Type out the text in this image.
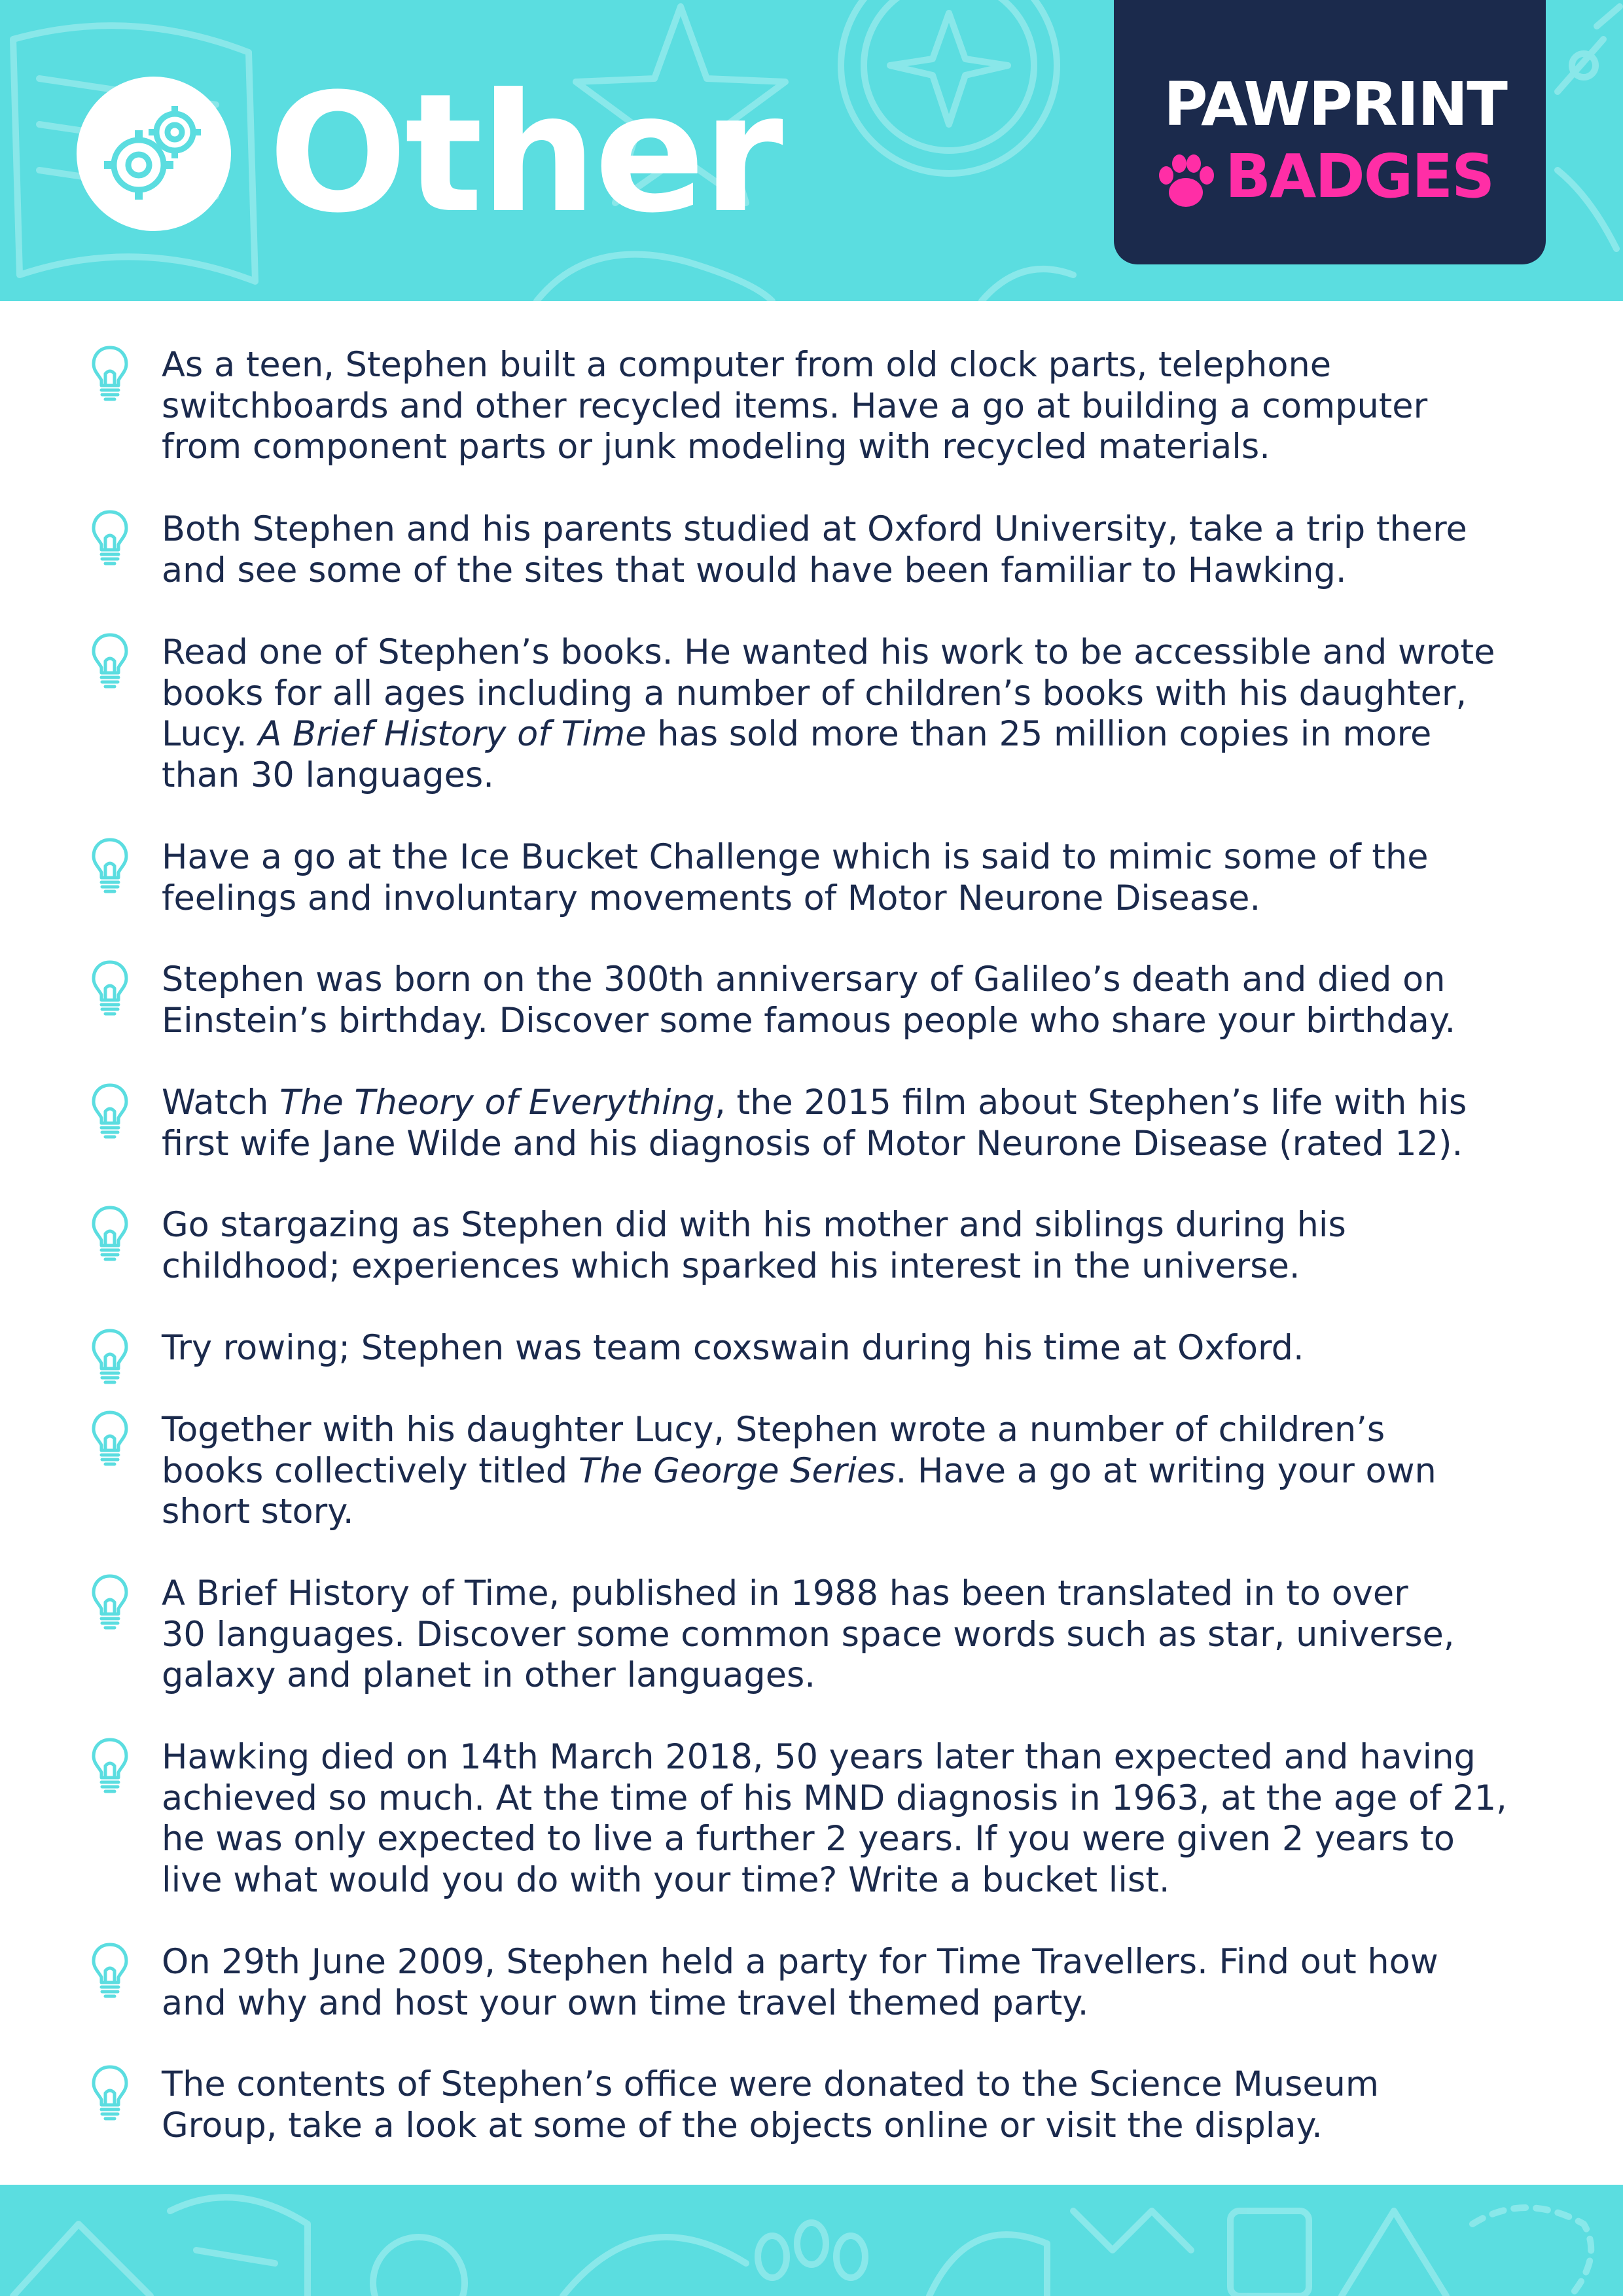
Other	PAWPRINT
BADGES

As a teen, Stephen built a computer from old clock parts, telephone
switchboards and other recycled items. Have a go at building a computer
from component parts or junk modeling with recycled materials.

Both Stephen and his parents studied at Oxford University, take a trip there
and see some of the sites that would have been familiar to Hawking.

Read one of Stephen’s books. He wanted his work to be accessible and wrote
books for all ages including a number of children’s books with his daughter,
Lucy. A Brief History of Time has sold more than 25 million copies in more
than 30 languages.

Have a go at the Ice Bucket Challenge which is said to mimic some of the
feelings and involuntary movements of Motor Neurone Disease.

Stephen was born on the 300th anniversary of Galileo’s death and died on
Einstein’s birthday. Discover some famous people who share your birthday.

Watch The Theory of Everything, the 2015 film about Stephen’s life with his
first wife Jane Wilde and his diagnosis of Motor Neurone Disease (rated 12).

Go stargazing as Stephen did with his mother and siblings during his
childhood; experiences which sparked his interest in the universe.

Try rowing; Stephen was team coxswain during his time at Oxford.

Together with his daughter Lucy, Stephen wrote a number of children’s
books collectively titled The George Series. Have a go at writing your own
short story.

A Brief History of Time, published in 1988 has been translated in to over
30 languages. Discover some common space words such as star, universe,
galaxy and planet in other languages.

Hawking died on 14th March 2018, 50 years later than expected and having
achieved so much. At the time of his MND diagnosis in 1963, at the age of 21,
he was only expected to live a further 2 years. If you were given 2 years to
live what would you do with your time? Write a bucket list.

On 29th June 2009, Stephen held a party for Time Travellers. Find out how
and why and host your own time travel themed party.

The contents of Stephen’s office were donated to the Science Museum
Group, take a look at some of the objects online or visit the display.
